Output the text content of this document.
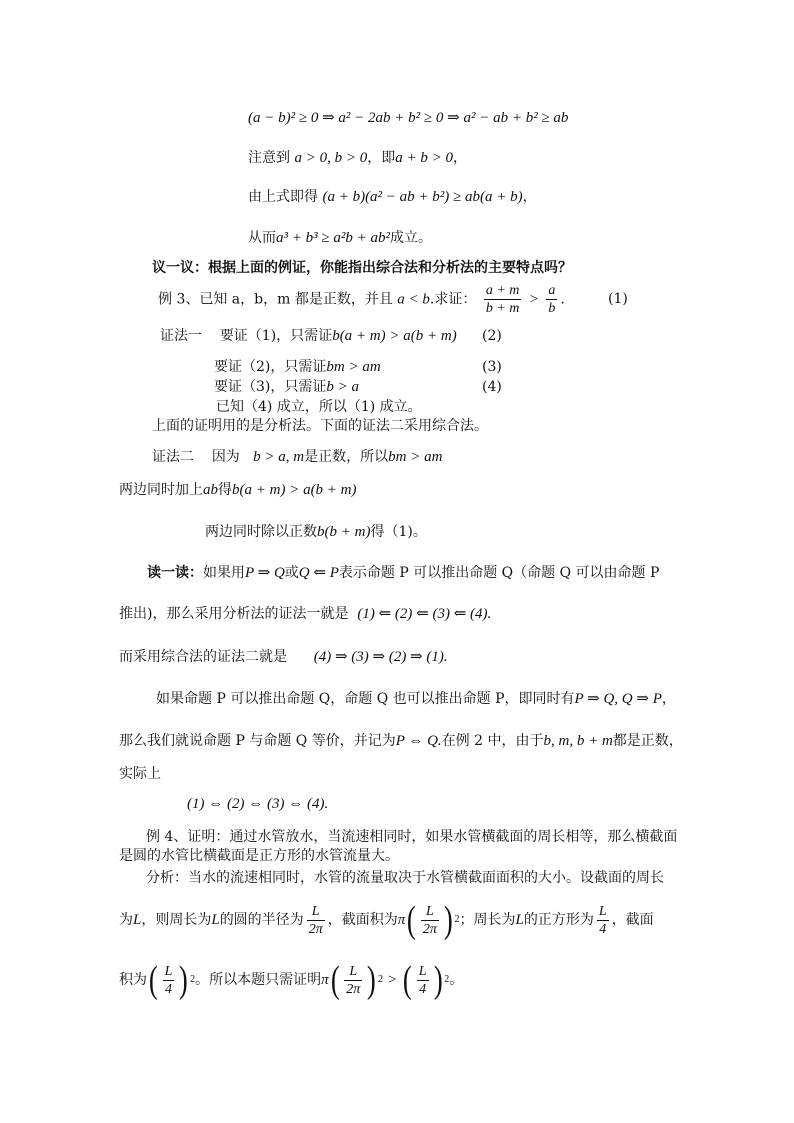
(a − b)² ≥ 0 ⇒ a² − 2ab + b² ≥ 0 ⇒ a² − ab + b² ≥ ab
注意到 a > 0, b > 0，即a + b > 0，
由上式即得 (a + b)(a² − ab + b²) ≥ ab(a + b)，
从而a³ + b³ ≥ a²b + ab²成立。
议一议：根据上面的例证，你能指出综合法和分析法的主要特点吗？
例 3、已知 a，b，m 都是正数，并且 a < b.求证： $\frac{a + m}{b + m} > \frac{a}{b}$ .	(1)
证法一 要证（1)，只需证b(a + m) > a(b + m) (2)
要证（2)，只需证bm > am	(3)
要证（3)，只需证b > a	(4)
已知（4) 成立，所以（1) 成立。
上面的证明用的是分析法。下面的证法二采用综合法。
证法二 因为 b > a, m是正数，所以bm > am
两边同时加上ab得b(a + m) > a(b + m)
两边同时除以正数b(b + m)得（1)。
读一读：如果用P ⇒ Q或Q ⇐ P表示命题 P 可以推出命题 Q（命题 Q 可以由命题 P
推出)，那么采用分析法的证法一就是 (1) ⇐ (2) ⇐ (3) ⇐ (4).
而采用综合法的证法二就是 (4) ⇒ (3) ⇒ (2) ⇒ (1).
如果命题 P 可以推出命题 Q，命题 Q 也可以推出命题 P，即同时有P ⇒ Q, Q ⇒ P，
那么我们就说命题 P 与命题 Q 等价，并记为P ⇔ Q.在例 2 中，由于b, m, b + m都是正数，
实际上
(1) ⇔ (2) ⇔ (3) ⇔ (4).
例 4、证明：通过水管放水，当流速相同时，如果水管横截面的周长相等，那么横截面
是圆的水管比横截面是正方形的水管流量大。
分析：当水的流速相同时，水管的流量取决于水管横截面面积的大小。设截面的周长
为 L ，则周长为 L 的圆的半径为 $\frac{L}{2\pi}$ ，截面积为 π ( $\frac{L}{2\pi}$ ) 2 ；周长为 L 的正方形为 $\frac{L}{4}$ ，截面
积为 ( $\frac{L}{4}$ ) 2 。所以本题只需证明 π ( $\frac{L}{2\pi}$ ) 2 > ( $\frac{L}{4}$ ) 2 。
